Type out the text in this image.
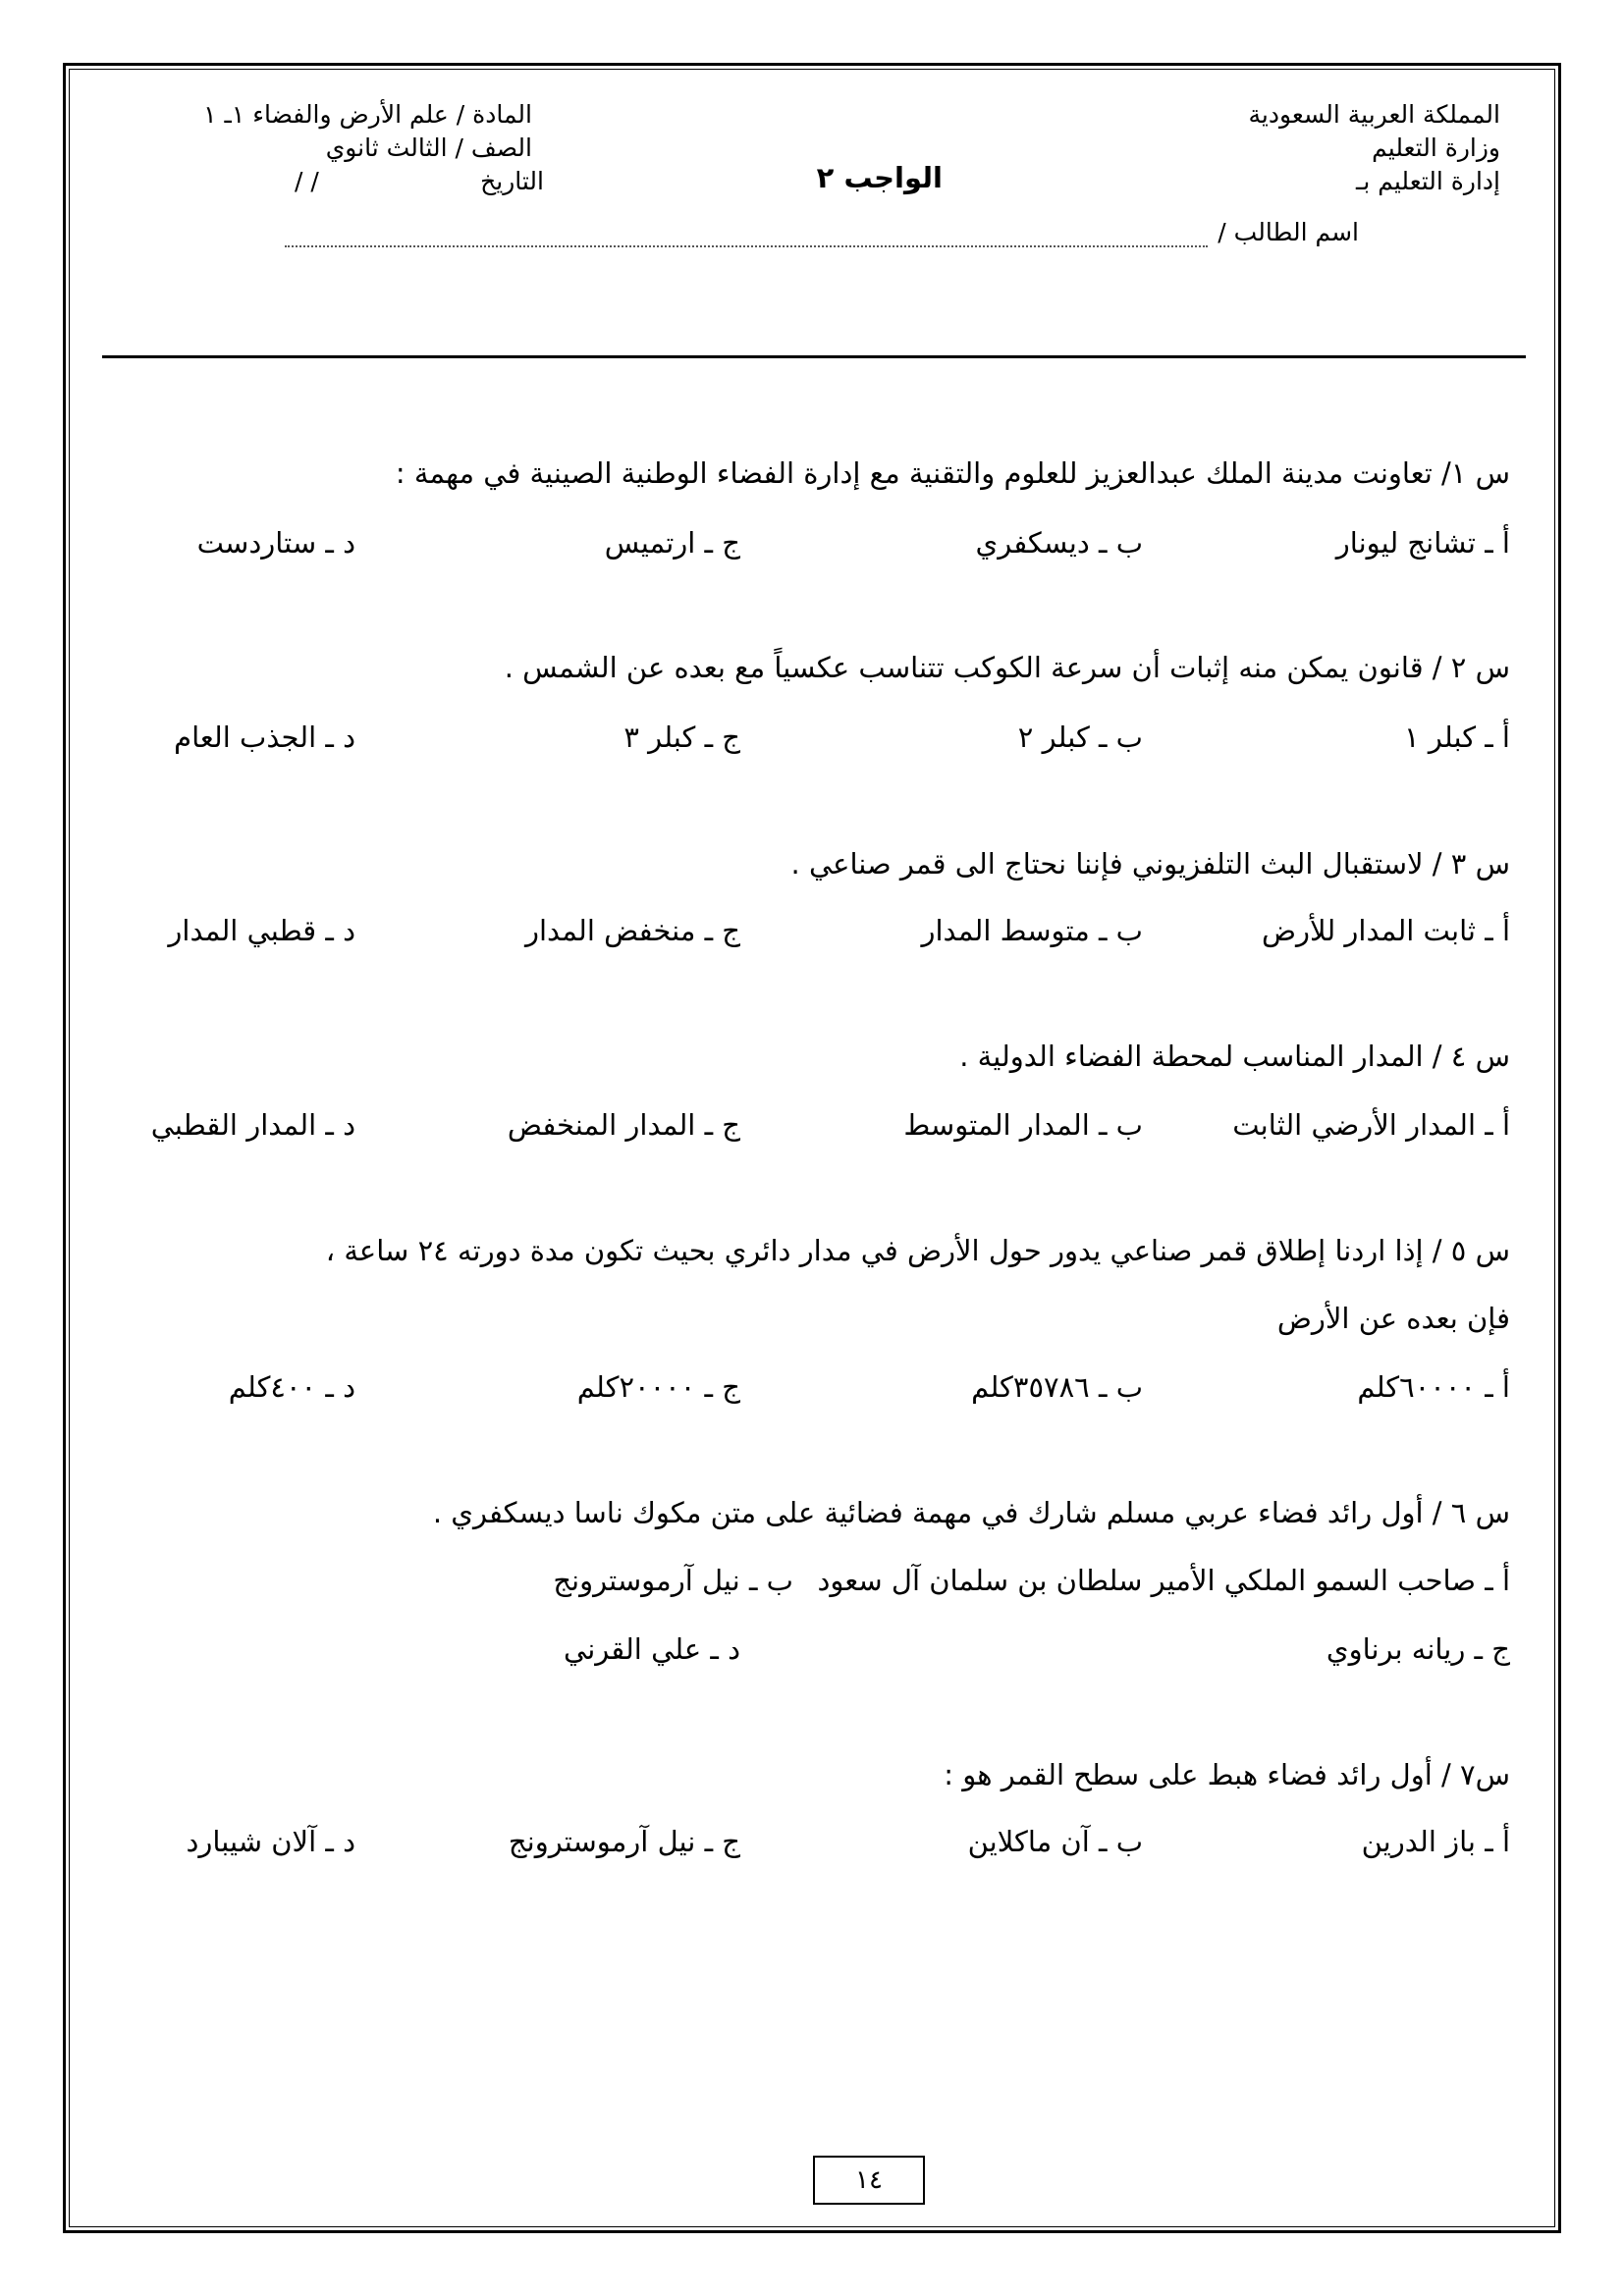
المملكة العربية السعودية
وزارة التعليم
إدارة التعليم بـ
المادة / علم الأرض والفضاء ١ـ ١
الصف / الثالث ثانوي
التاريخ
/ /	الواجب ٢
اسم الطالب /
س ١/ تعاونت مدينة الملك عبدالعزيز للعلوم والتقنية مع إدارة الفضاء الوطنية الصينية في مهمة :
أ ـ تشانج ليونار
ب ـ ديسكفري
ج ـ ارتميس
د ـ ستاردست
س ٢ / قانون يمكن منه إثبات أن سرعة الكوكب تتناسب عكسياً مع بعده عن الشمس .
أ ـ كبلر ١
ب ـ كبلر ٢
ج ـ كبلر ٣
د ـ الجذب العام
س ٣ / لاستقبال البث التلفزيوني فإننا نحتاج الى قمر صناعي .
أ ـ ثابت المدار للأرض
ب ـ متوسط المدار
ج ـ منخفض المدار
د ـ قطبي المدار
س ٤ / المدار المناسب لمحطة الفضاء الدولية .
أ ـ المدار الأرضي الثابت
ب ـ المدار المتوسط
ج ـ المدار المنخفض
د ـ المدار القطبي
س ٥ / إذا اردنا إطلاق قمر صناعي يدور حول الأرض في مدار دائري بحيث تكون مدة دورته ٢٤ ساعة ،
فإن بعده عن الأرض
أ ـ ٦٠٠٠٠كلم
ب ـ ٣٥٧٨٦كلم
ج ـ ٢٠٠٠٠كلم
د ـ ٤٠٠كلم
س ٦ / أول رائد فضاء عربي مسلم شارك في مهمة فضائية على متن مكوك ناسا ديسكفري .
أ ـ صاحب السمو الملكي الأمير سلطان بن سلمان آل سعود
ب ـ نيل آرموسترونج
ج ـ ريانه برناوي
د ـ علي القرني
س٧ / أول رائد فضاء هبط على سطح القمر هو :
أ ـ باز الدرين
ب ـ آن ماكلاين
ج ـ نيل آرموسترونج
د ـ آلان شيبارد
١٤
